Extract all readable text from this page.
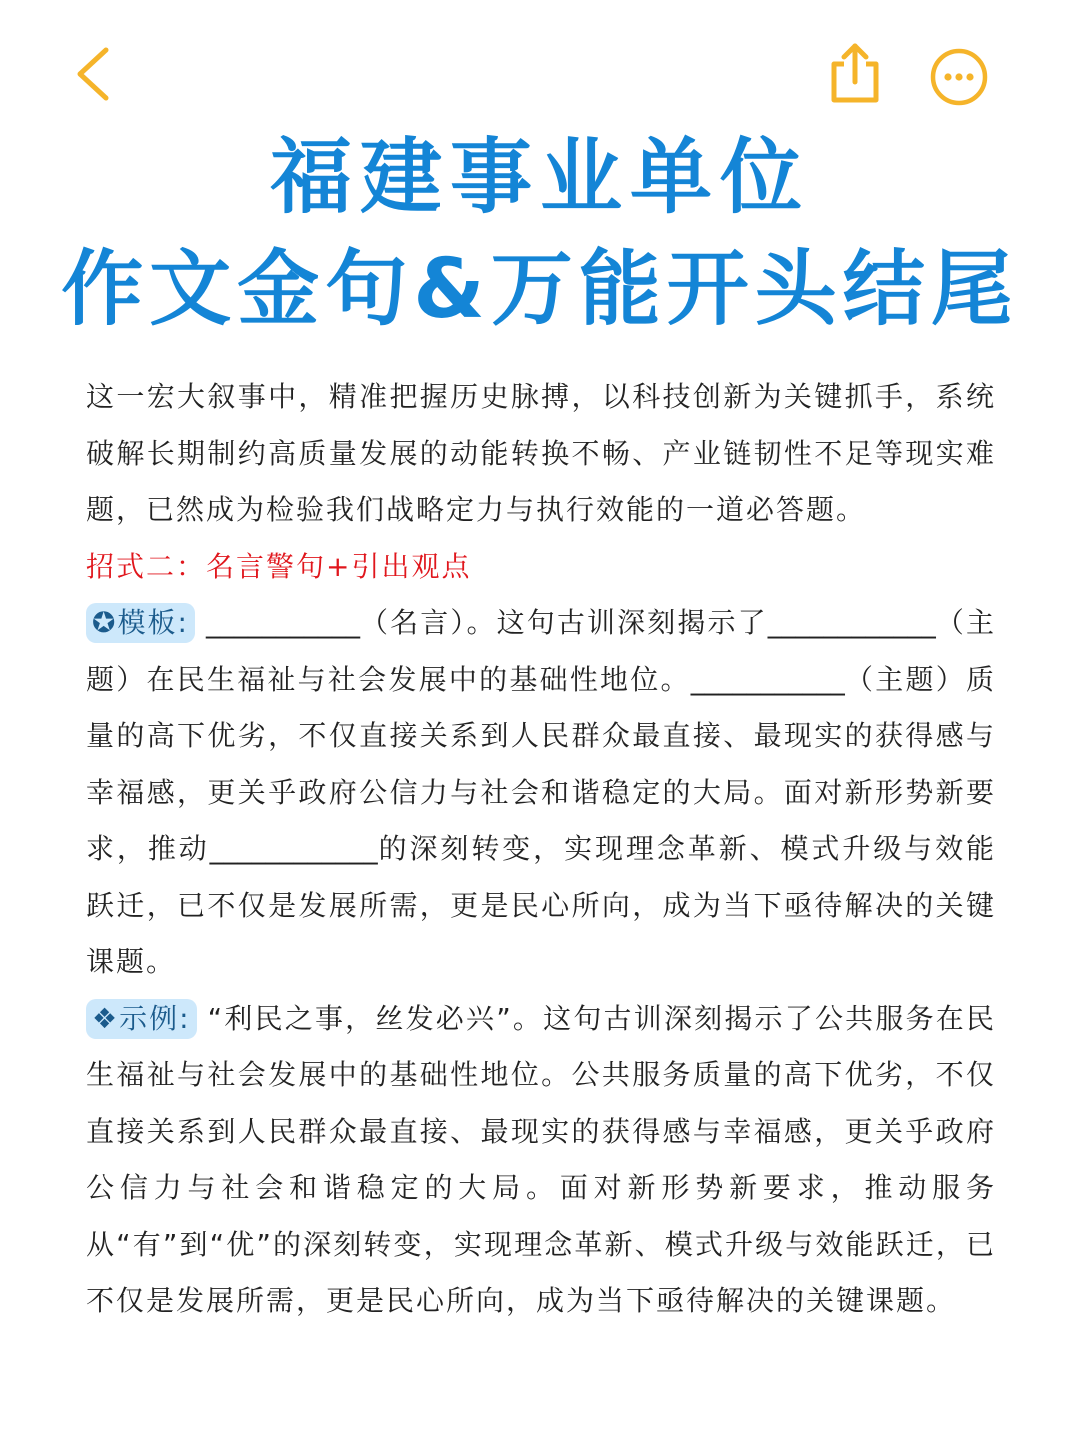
福建事业单位
作文金句&万能开头结尾

这一宏大叙事中，精准把握历史脉搏，以科技创新为关键抓手，系统破解长期制约高质量发展的动能转换不畅、产业链韧性不足等现实难题，已然成为检验我们战略定力与执行效能的一道必答题。

招式二：名言警句+引出观点

✪模板: ___________（名言）。这句古训深刻揭示了____________（主题）在民生福祉与社会发展中的基础性地位。___________（主题）质量的高下优劣，不仅直接关系到人民群众最直接、最现实的获得感与幸福感，更关乎政府公信力与社会和谐稳定的大局。面对新形势新要求，推动____________的深刻转变，实现理念革新、模式升级与效能跃迁，已不仅是发展所需，更是民心所向，成为当下亟待解决的关键课题。

❖示例: “利民之事，丝发必兴”。这句古训深刻揭示了公共服务在民生福祉与社会发展中的基础性地位。公共服务质量的高下优劣，不仅直接关系到人民群众最直接、最现实的获得感与幸福感，更关乎政府公信力与社会和谐稳定的大局。面对新形势新要求，推动服务从“有”到“优”的深刻转变，实现理念革新、模式升级与效能跃迁，已不仅是发展所需，更是民心所向，成为当下亟待解决的关键课题。
